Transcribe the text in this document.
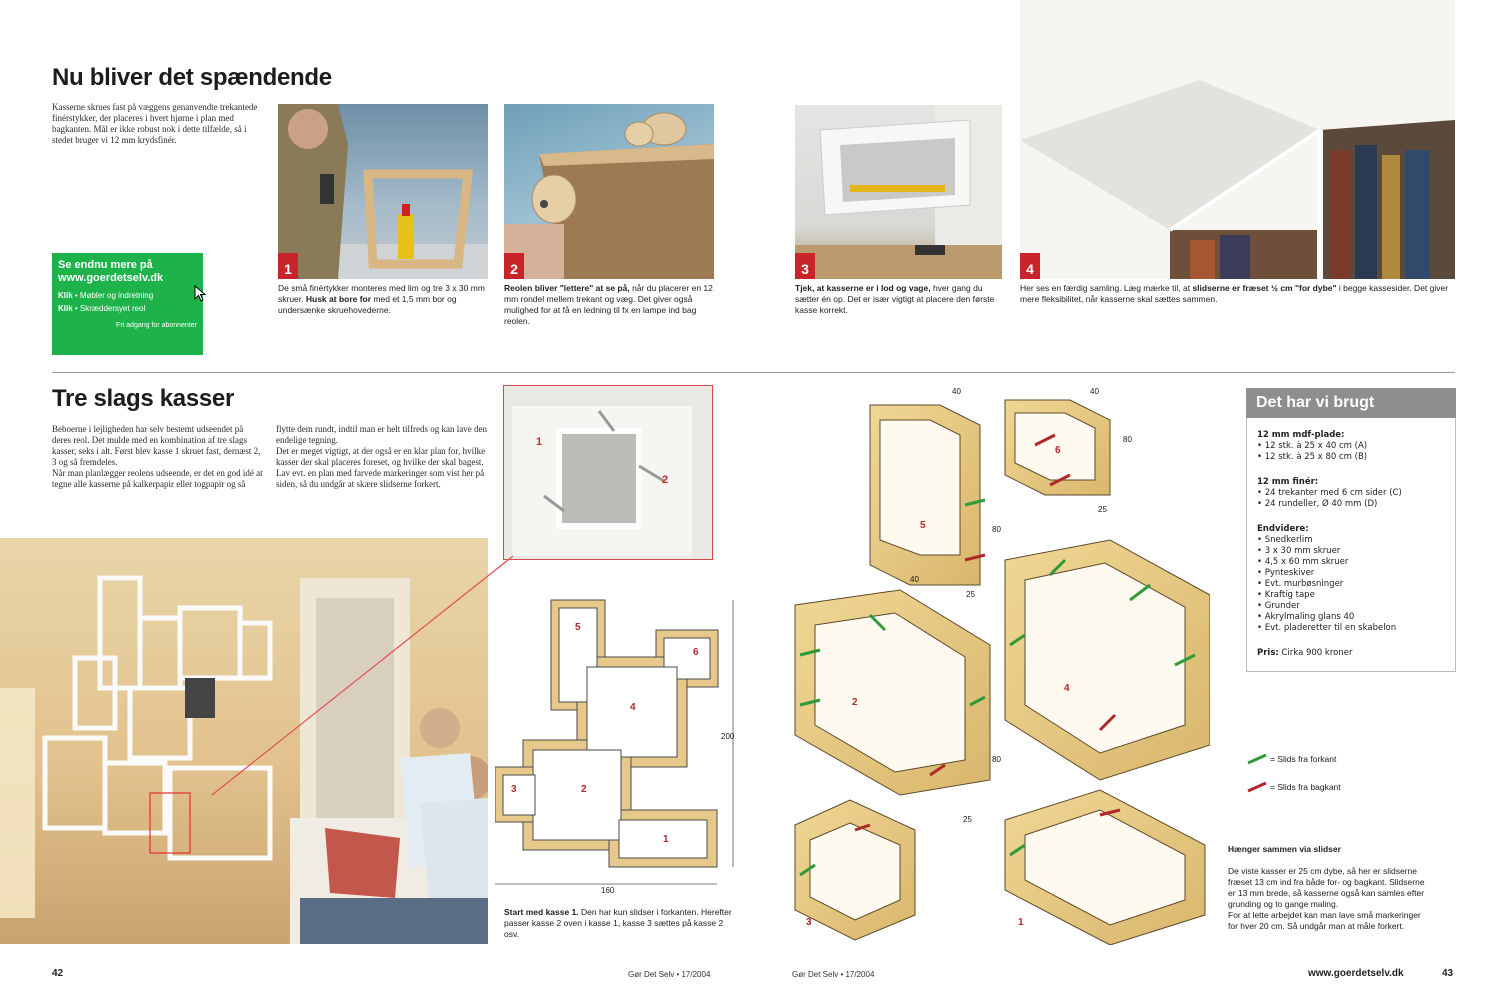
Nu bliver det spændende

Kasserne skrues fast på væggens genanvendte trekantede finérstykker, der placeres i hvert hjørne i plan med bagkanten. Mål er ikke robust nok i dette tilfælde, så i stedet bruger vi 12 mm krydsfinér.

Se endnu mere på
www.goerdetselv.dk
Klik • Møbler og indretning
Klik • Skræddersyet reol
Fri adgang for abonnenter
1

De små finértykker monteres med lim og tre 3 x 30 mm skruer. Husk at bore for med et 1,5 mm bor og undersænke skruehovederne.

2

Reolen bliver "lettere" at se på, når du placerer en 12 mm rondel mellem trekant og væg. Det giver også mulighed for at få en ledning til fx en lampe ind bag reolen.

Tre slags kasser

Beboerne i lejligheden har selv bestemt udseendet på deres reol. Det mulde med en kombination af tre slags kasser, seks i alt. Først blev kasse 1 skruet fast, dernæst 2, 3 og så fremdeles.
Når man planlægger reolens udseende, er det en god idé at tegne alle kasserne på kalkerpapir eller togpapir og så

flytte dem rundt, indtil man er helt tilfreds og kan lave den endelige tegning.
Det er meget vigtigt, at der også er en klar plan for, hvilke kasser der skal placeres foreset, og hvilke der skal bagest. Lav evt. en plan med farvede markeringer som vist her på siden, så du undgår at skære slidserne forkert.

1
2
5
6
4
3	2
1
200
160

Start med kasse 1. Den har kun slidser i forkanten. Herefter passer kasse 2 oven i kasse 1, kasse 3 sættes på kasse 2 osv.

42	Gør Det Selv • 17/2004
3

Tjek, at kasserne er i lod og vage, hver gang du sætter én op. Det er især vigtigt at placere den første kasse korrekt.

4

Her ses en færdig samling. Læg mærke til, at slidserne er fræset ½ cm "for dybe" i begge kassesider. Det giver mere fleksibilitet, når kasserne skal sættes sammen.

5
6
2
4
3	1
40	40
40
80
80
80
25
25
25
Det har vi brugt
12 mm mdf-plade:
• 12 stk. à 25 x 40 cm (A)
• 12 stk. à 25 x 80 cm (B)
12 mm finér:
• 24 trekanter med 6 cm sider (C)
• 24 rundeller, Ø 40 mm (D)
Endvidere:
• Snedkerlim
• 3 x 30 mm skruer
• 4,5 x 60 mm skruer
• Pynteskiver
• Evt. murbøsninger
• Kraftig tape
• Grunder
• Akrylmaling glans 40
• Evt. pladeretter til en skabelon
Pris: Cirka 900 kroner
= Slids fra forkant
= Slids fra bagkant

Hænger sammen via slidser

De viste kasser er 25 cm dybe, så her er slidserne fræset 13 cm ind fra både for- og bagkant. Slidserne er 13 mm brede, så kasserne også kan samles efter grunding og to gange maling.
For at lette arbejdet kan man lave små markeringer for hver 20 cm. Så undgår man at måle forkert.

Gør Det Selv • 17/2004	www.goerdetselv.dk	43
